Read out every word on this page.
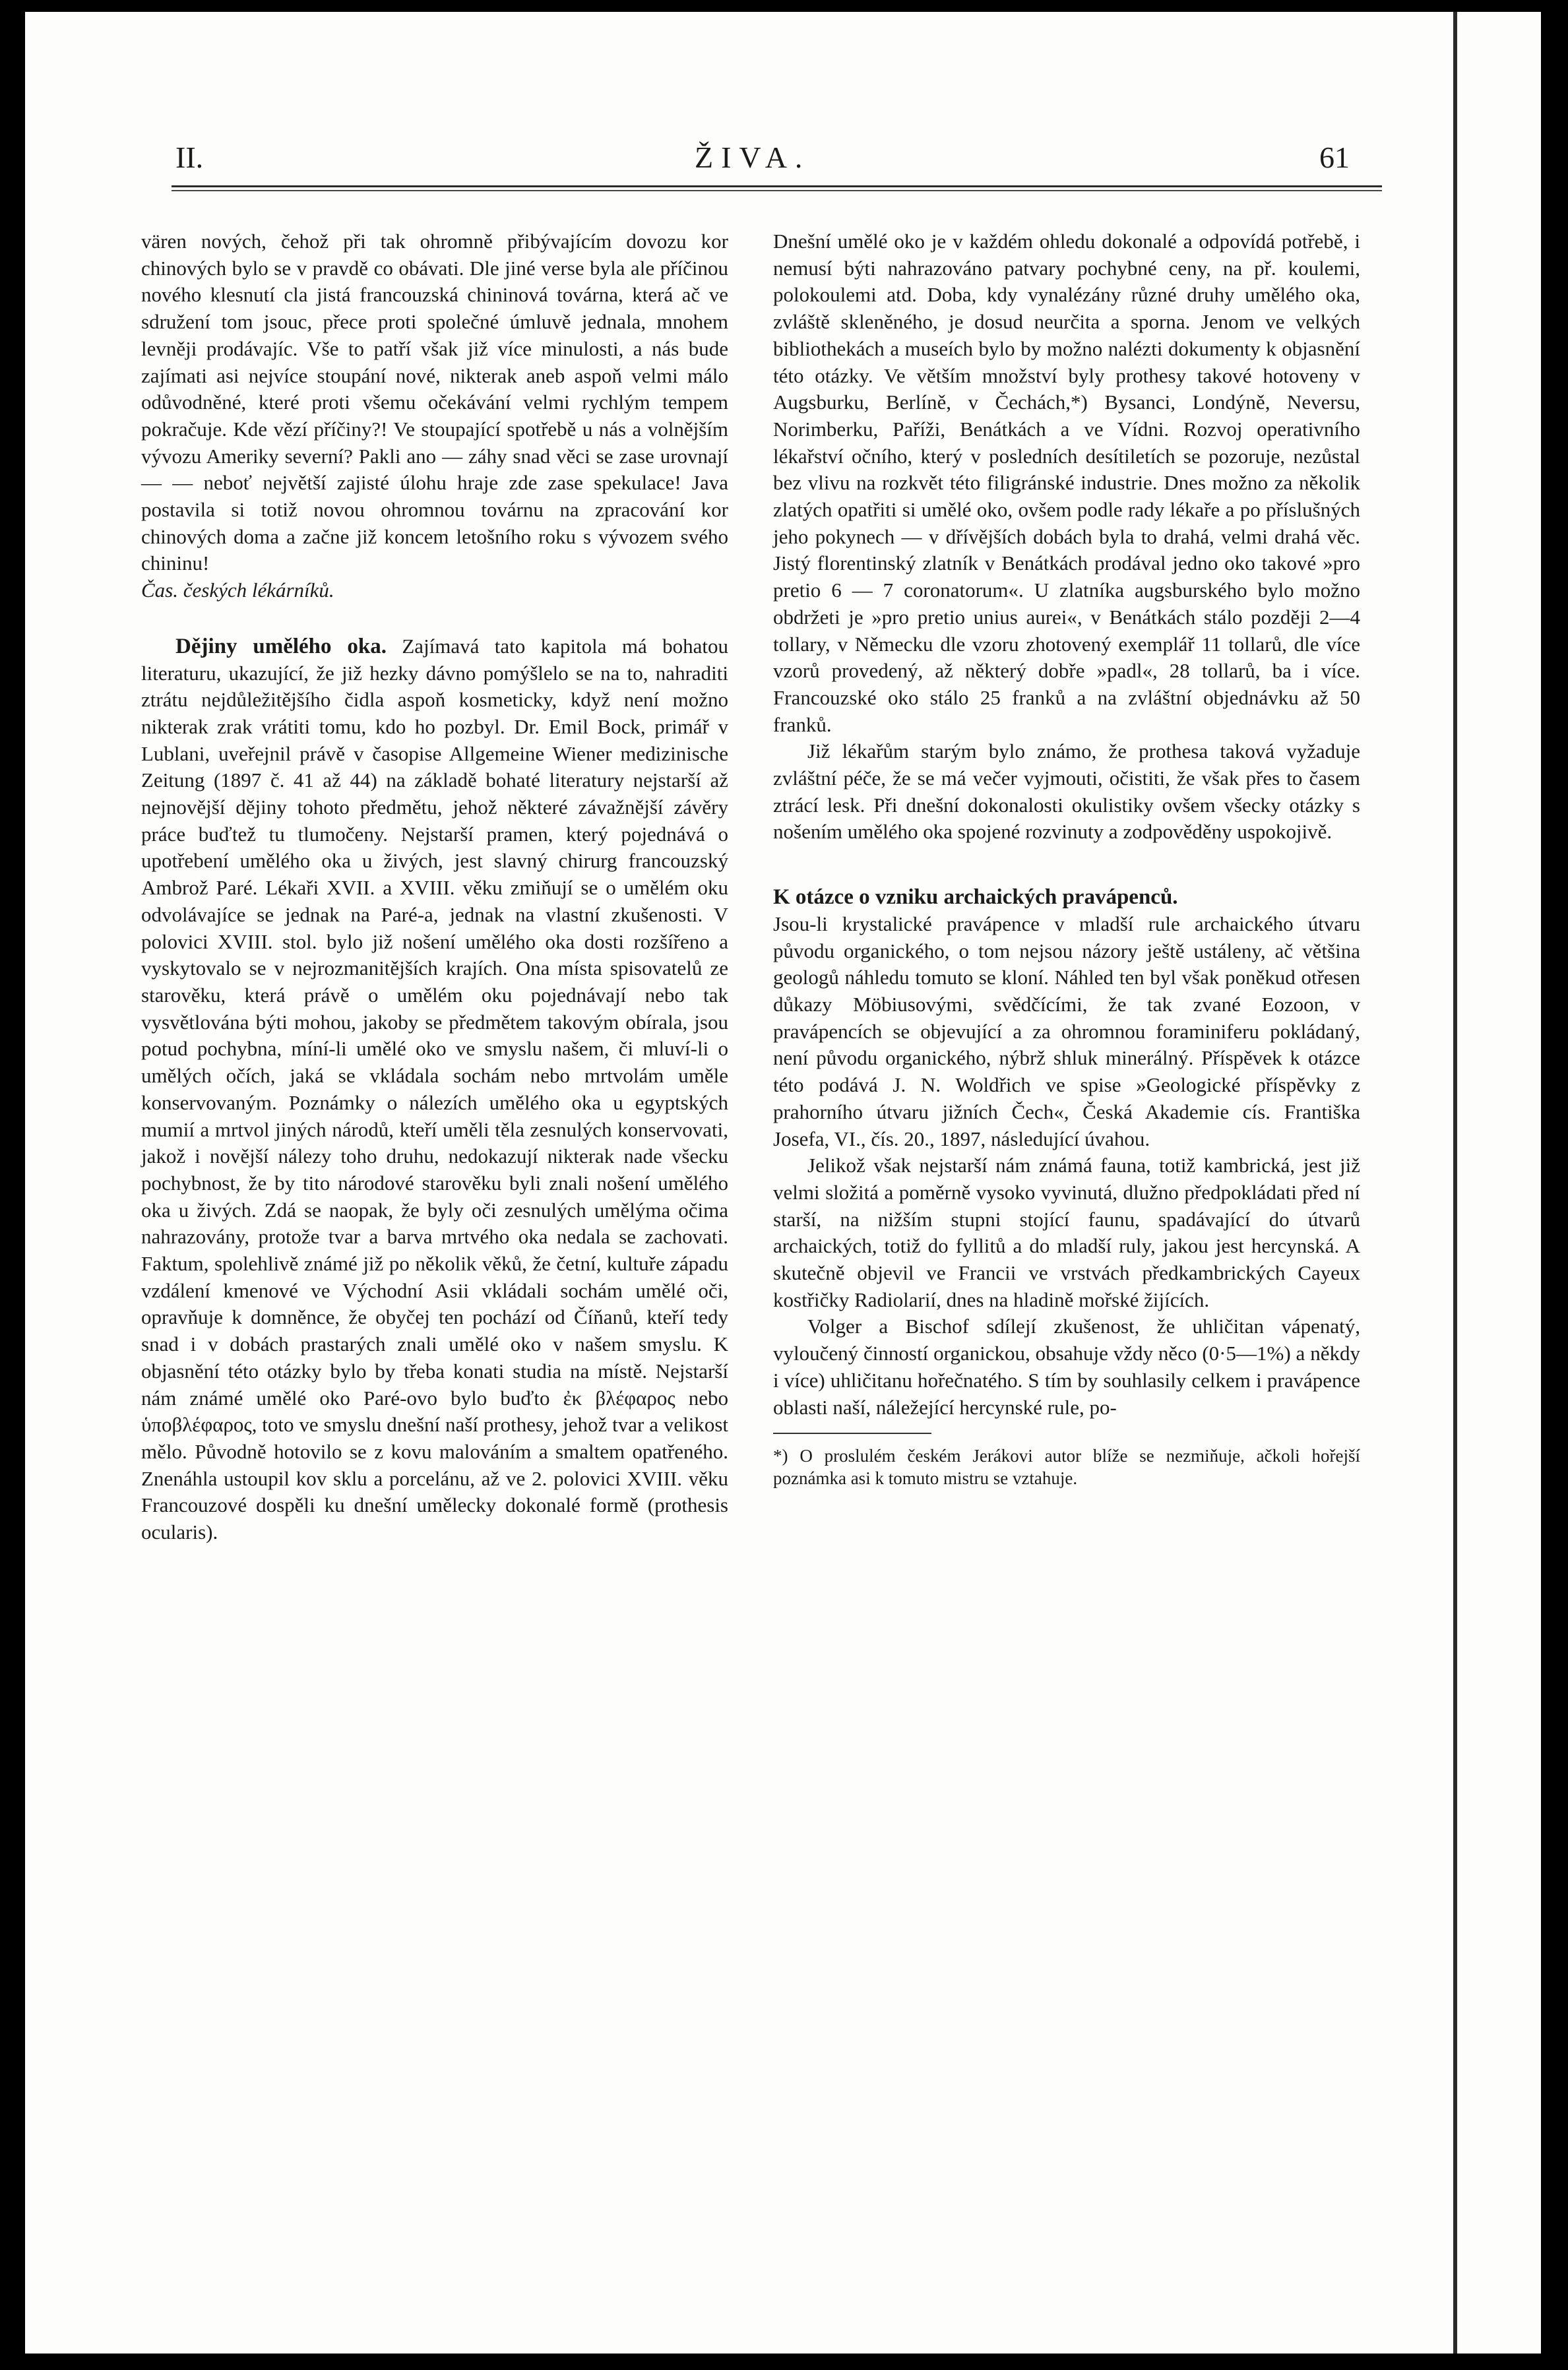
II.	ŽIVA.	61

vären nových, čehož při tak ohromně přibývajícím dovozu kor chinových bylo se v pravdě co obávati. Dle jiné verse byla ale příčinou nového klesnutí cla jistá francouzská chininová továrna, která ač ve sdružení tom jsouc, přece proti společné úmluvě jednala, mnohem levněji prodávajíc. Vše to patří však již více minulosti, a nás bude zajímati asi nejvíce stoupání nové, nikterak aneb aspoň velmi málo odůvodněné, které proti všemu očekávání velmi rychlým tempem pokračuje. Kde vězí příčiny?! Ve stoupající spotřebě u nás a volnějším vývozu Ameriky severní? Pakli ano — záhy snad věci se zase urovnají — — neboť největší zajisté úlohu hraje zde zase spekulace! Java postavila si totiž novou ohromnou továrnu na zpracování kor chinových doma a začne již koncem letošního roku s vývozem svého chininu!

Čas. českých lékárníků.

Dějiny umělého oka. Zajímavá tato kapitola má bohatou literaturu, ukazující, že již hezky dávno pomýšlelo se na to, nahraditi ztrátu nejdůležitějšího čidla aspoň kosmeticky, když není možno nikterak zrak vrátiti tomu, kdo ho pozbyl. Dr. Emil Bock, primář v Lublani, uveřejnil právě v časopise Allgemeine Wiener medizinische Zeitung (1897 č. 41 až 44) na základě bohaté literatury nejstarší až nejnovější dějiny tohoto předmětu, jehož některé závažnější závěry práce buďtež tu tlumočeny. Nejstarší pramen, který pojednává o upotřebení umělého oka u živých, jest slavný chirurg francouzský Ambrož Paré. Lékaři XVII. a XVIII. věku zmiňují se o umělém oku odvolávajíce se jednak na Paré-a, jednak na vlastní zkušenosti. V polovici XVIII. stol. bylo již nošení umělého oka dosti rozšířeno a vyskytovalo se v nejrozmanitějších krajích. Ona místa spisovatelů ze starověku, která právě o umělém oku pojednávají nebo tak vysvětlována býti mohou, jakoby se předmětem takovým obírala, jsou potud pochybna, míní-li umělé oko ve smyslu našem, či mluví-li o umělých očích, jaká se vkládala sochám nebo mrtvolám uměle konservovaným. Poznámky o nálezích umělého oka u egyptských mumií a mrtvol jiných národů, kteří uměli těla zesnulých konservovati, jakož i novější nálezy toho druhu, nedokazují nikterak nade všecku pochybnost, že by tito národové starověku byli znali nošení umělého oka u živých. Zdá se naopak, že byly oči zesnulých umělýma očima nahrazovány, protože tvar a barva mrtvého oka nedala se zachovati. Faktum, spolehlivě známé již po několik věků, že četní, kultuře západu vzdálení kmenové ve Východní Asii vkládali sochám umělé oči, opravňuje k domněnce, že obyčej ten pochází od Číňanů, kteří tedy snad i v dobách prastarých znali umělé oko v našem smyslu. K objasnění této otázky bylo by třeba konati studia na místě. Nejstarší nám známé umělé oko Paré-ovo bylo buďto ἐκ βλέφαρος nebo ὑποβλέφαρος, toto ve smyslu dnešní naší prothesy, jehož tvar a velikost mělo. Původně hotovilo se z kovu malováním a smaltem opatřeného. Znenáhla ustoupil kov sklu a porcelánu, až ve 2. polovici XVIII. věku Francouzové dospěli ku dnešní umělecky dokonalé formě (prothesis ocularis).

Dnešní umělé oko je v každém ohledu dokonalé a odpovídá potřebě, i nemusí býti nahrazováno patvary pochybné ceny, na př. koulemi, polokoulemi atd. Doba, kdy vynalézány různé druhy umělého oka, zvláště skleněného, je dosud neurčita a sporna. Jenom ve velkých bibliothekách a museích bylo by možno nalézti dokumenty k objasnění této otázky. Ve větším množství byly prothesy takové hotoveny v Augsburku, Berlíně, v Čechách,*) Bysanci, Londýně, Neversu, Norimberku, Paříži, Benátkách a ve Vídni. Rozvoj operativního lékařství očního, který v posledních desítiletích se pozoruje, nezůstal bez vlivu na rozkvět této filigránské industrie. Dnes možno za několik zlatých opatřiti si umělé oko, ovšem podle rady lékaře a po příslušných jeho pokynech — v dřívějších dobách byla to drahá, velmi drahá věc. Jistý florentinský zlatník v Benátkách prodával jedno oko takové »pro pretio 6 — 7 coronatorum«. U zlatníka augsburského bylo možno obdržeti je »pro pretio unius aurei«, v Benátkách stálo později 2—4 tollary, v Německu dle vzoru zhotovený exemplář 11 tollarů, dle více vzorů provedený, až některý dobře »padl«, 28 tollarů, ba i více. Francouzské oko stálo 25 franků a na zvláštní objednávku až 50 franků.

Již lékařům starým bylo známo, že prothesa taková vyžaduje zvláštní péče, že se má večer vyjmouti, očistiti, že však přes to časem ztrácí lesk. Při dnešní dokonalosti okulistiky ovšem všecky otázky s nošením umělého oka spojené rozvinuty a zodpověděny uspokojivě.

K otázce o vzniku archaických pravápenců.

Jsou-li krystalické pravápence v mladší rule archaického útvaru původu organického, o tom nejsou názory ještě ustáleny, ač většina geologů náhledu tomuto se kloní. Náhled ten byl však poněkud otřesen důkazy Möbiusovými, svědčícími, že tak zvané Eozoon, v pravápencích se objevující a za ohromnou foraminiferu pokládaný, není původu organického, nýbrž shluk minerálný. Příspěvek k otázce této podává J. N. Woldřich ve spise »Geologické příspěvky z prahorního útvaru jižních Čech«, Česká Akademie cís. Františka Josefa, VI., čís. 20., 1897, následující úvahou.

Jelikož však nejstarší nám známá fauna, totiž kambrická, jest již velmi složitá a poměrně vysoko vyvinutá, dlužno předpokládati před ní starší, na nižším stupni stojící faunu, spadávající do útvarů archaických, totiž do fyllitů a do mladší ruly, jakou jest hercynská. A skutečně objevil ve Francii ve vrstvách předkambrických Cayeux kostřičky Radiolarií, dnes na hladině mořské žijících.

Volger a Bischof sdílejí zkušenost, že uhličitan vápenatý, vyloučený činností organickou, obsahuje vždy něco (0·5—1%) a někdy i více) uhličitanu hořečnatého. S tím by souhlasily celkem i pravápence oblasti naší, náležející hercynské rule, po-

*) O proslulém českém Jerákovi autor blíže se nezmiňuje, ačkoli hořejší poznámka asi k tomuto mistru se vztahuje.
